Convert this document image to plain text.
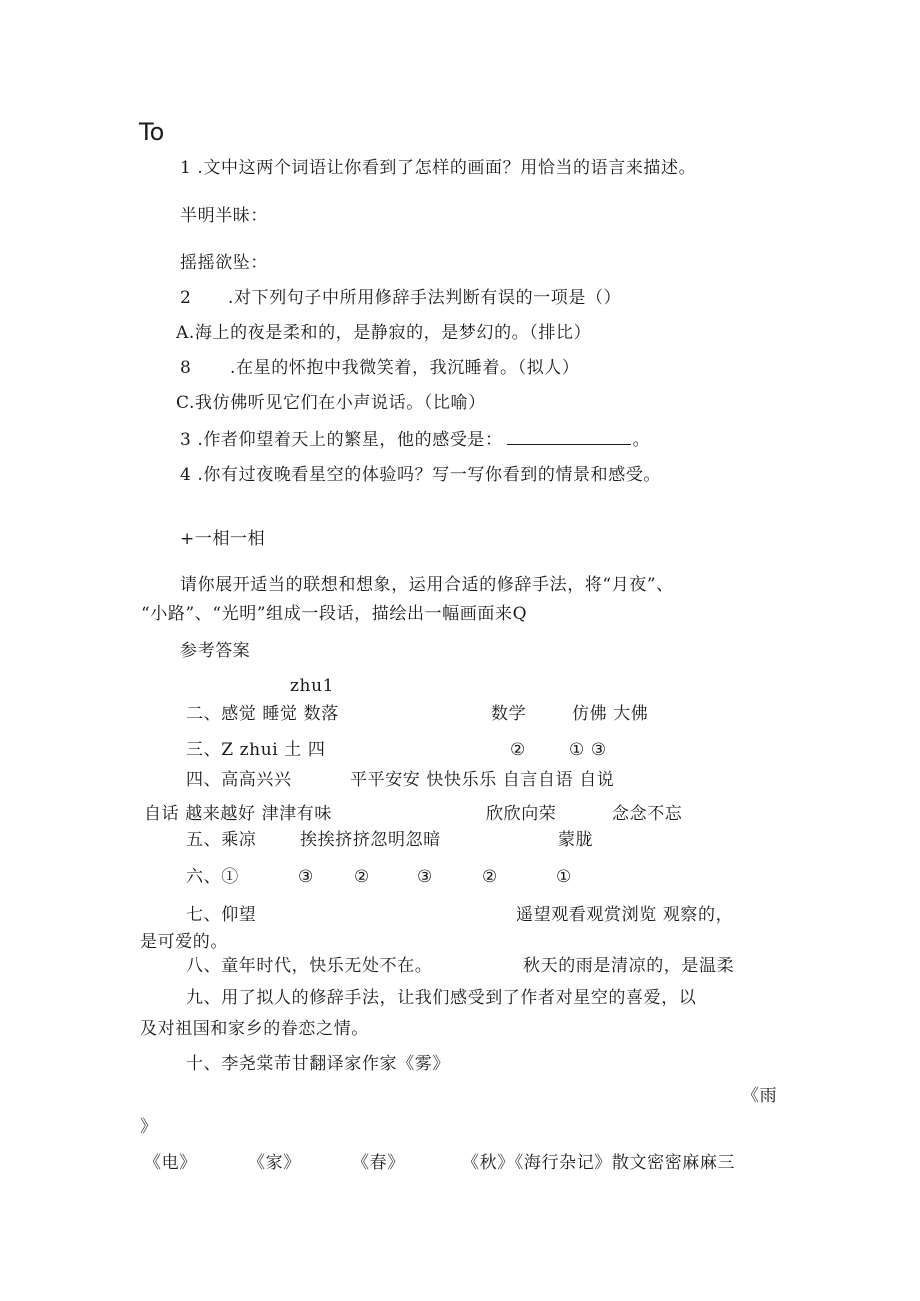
To
1 .文中这两个词语让你看到了怎样的画面？用恰当的语言来描述。
半明半昧：
摇摇欲坠：
2 .对下列句子中所用修辞手法判断有误的一项是（）
A.海上的夜是柔和的，是静寂的，是梦幻的。（排比）
8 .在星的怀抱中我微笑着，我沉睡着。（拟人）
C.我仿佛听见它们在小声说话。（比喻）
3 .作者仰望着天上的繁星，他的感受是：	。
4 .你有过夜晚看星空的体验吗？写一写你看到的情景和感受。
+一相一相
请你展开适当的联想和想象，运用合适的修辞手法，将“月夜”、
“小路”、“光明”组成一段话，描绘出一幅画面来Q
参考答案
zhu1
二、感觉 睡觉 数落	数学	仿佛 大佛
三、Z zhui 土 四	②	① ③
四、高高兴兴	平平安安 快快乐乐 自言自语 自说
自话 越来越好 津津有味	欣欣向荣	念念不忘
五、乘凉	挨挨挤挤忽明忽暗	蒙胧
六、①	③ ②	③	②	①
七、仰望	遥望观看观赏浏览 观察的，
是可爱的。
八、童年时代，快乐无处不在。	秋天的雨是清凉的，是温柔
九、用了拟人的修辞手法，让我们感受到了作者对星空的喜爱，以
及对祖国和家乡的眷恋之情。
十、李尧棠芾甘翻译家作家《雾》
《雨
》
《电》	《家》	《春》	《秋》《海行杂记》散文密密麻麻三
